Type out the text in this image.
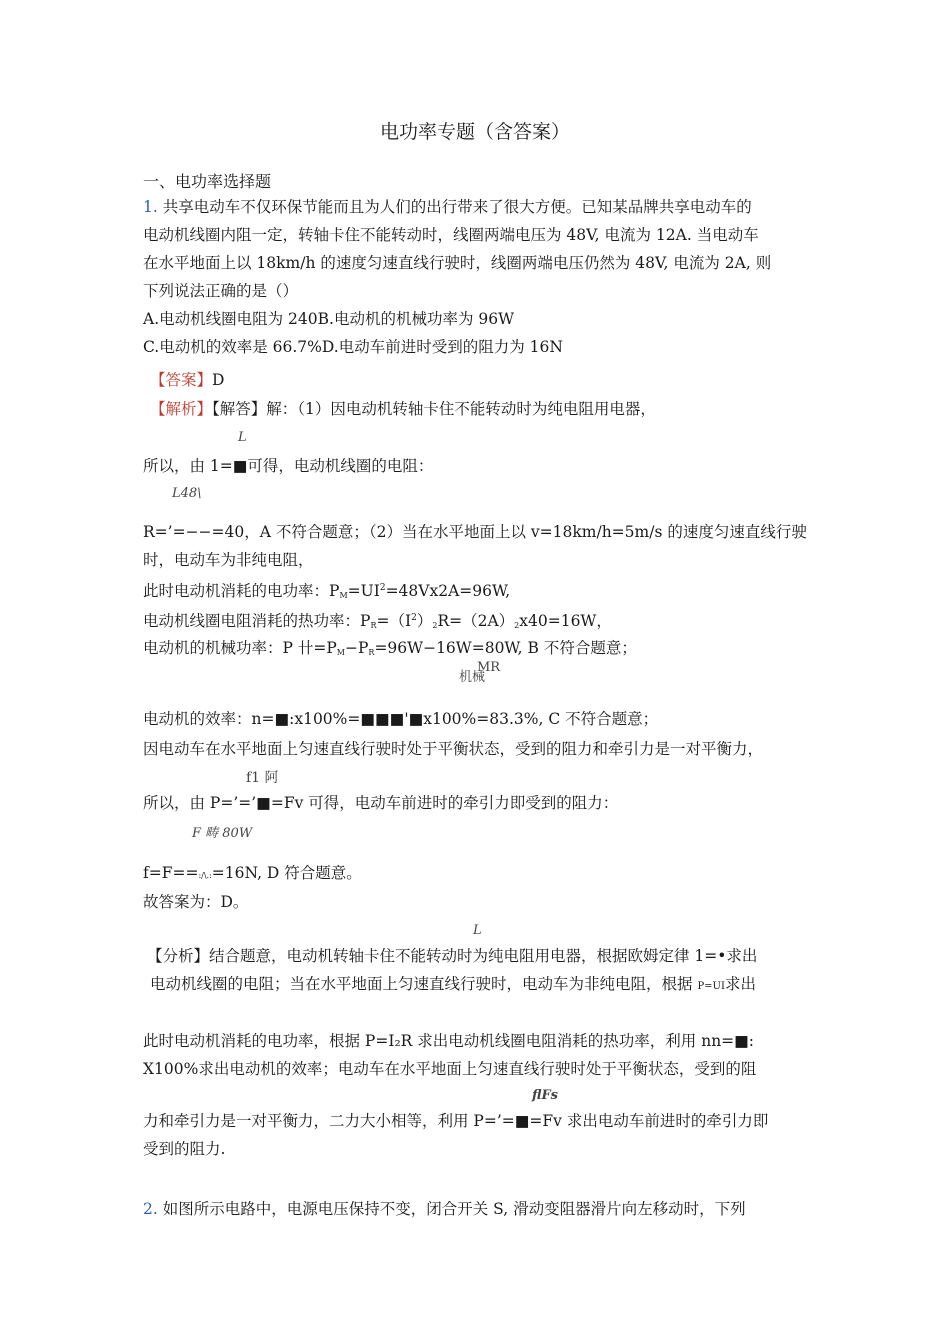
电功率专题（含答案）
一、电功率选择题
1. 共享电动车不仅环保节能而且为人们的出行带来了很大方便。已知某品牌共享电动车的
电动机线圈内阻一定，转轴卡住不能转动时，线圈两端电压为 48V, 电流为 12A. 当电动车
在水平地面上以 18km/h 的速度匀速直线行驶时，线圈两端电压仍然为 48V, 电流为 2A, 则
下列说法正确的是（）
A.电动机线圈电阻为 240B.电动机的机械功率为 96W
C.电动机的效率是 66.7%D.电动车前进时受到的阻力为 16N
【答案】D
【解析】【解答】解：（1）因电动机转轴卡住不能转动时为纯电阻用电器，
L
所以，由 1=■可得，电动机线圈的电阻：
L48\
R=’=−−=40，A 不符合题意；（2）当在水平地面上以 v=18km/h=5m/s 的速度匀速直线行驶
时，电动车为非纯电阻，
此时电动机消耗的电功率：$PM=UI^2=48Vx2A=96W$,
电动机线圈电阻消耗的热功率：$PR=(I^2)2R=(2A)2x40=16W$，
电动机的机械功率：P 卄=PM−PR=96W−16W=80W, B 不符合题意；
机械
MR
电动机的效率：n=■:x100%=■■■'■x100%=83.3%, C 不符合题意；
因电动车在水平地面上匀速直线行驶时处于平衡状态，受到的阻力和牵引力是一对平衡力，
f1 阿
所以，由 P=’=’■=Fv 可得，电动车前进时的牵引力即受到的阻力：
F 畴 80W
f=F==:/\.:=16N, D 符合题意。
故答案为：D。
L
【分析】结合题意，电动机转轴卡住不能转动时为纯电阻用电器，根据欧姆定律 1=•求出
电动机线圈的电阻；当在水平地面上匀速直线行驶时，电动车为非纯电阻，根据 P=UI求出
此时电动机消耗的电功率，根据 P=I₂R 求出电动机线圈电阻消耗的热功率，利用 nn=■:
X100%求出电动机的效率；电动车在水平地面上匀速直线行驶时处于平衡状态，受到的阻
flFs
力和牵引力是一对平衡力，二力大小相等，利用 P=’=■=Fv 求出电动车前进时的牵引力即
受到的阻力.
2. 如图所示电路中，电源电压保持不变，闭合开关 S, 滑动变阻器滑片向左移动时，下列
